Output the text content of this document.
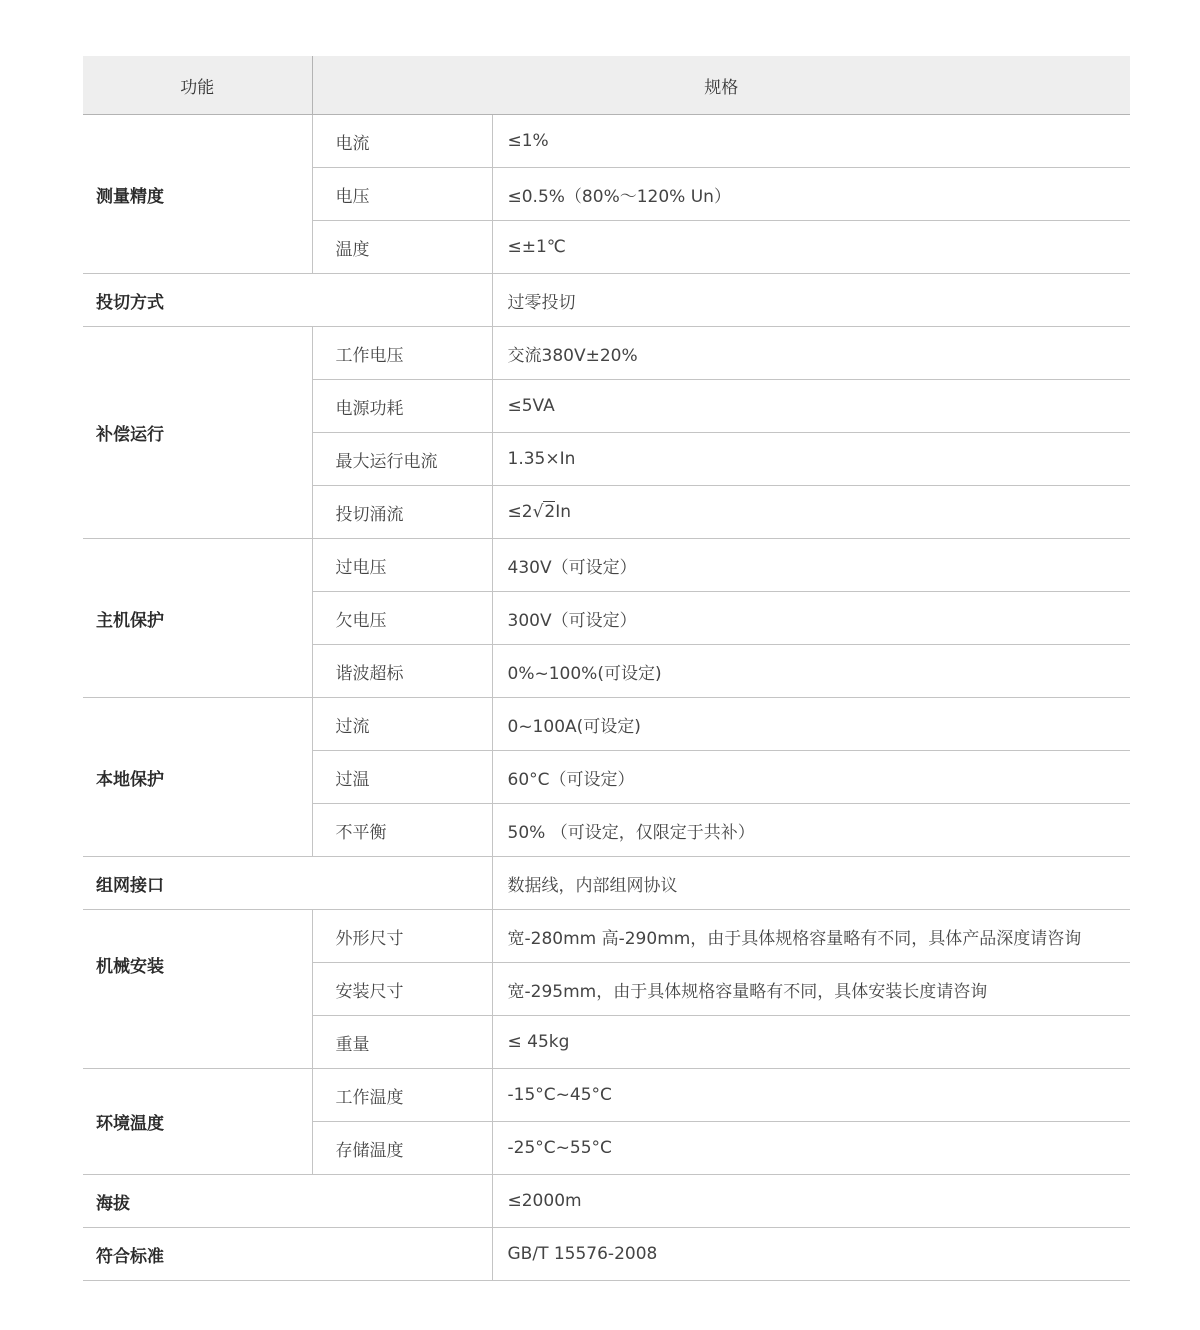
功能	规格	
测量精度	电流	≤1%
	电压	≤0.5%（80%～120% Un）
	温度	≤±1℃
投切方式		过零投切
补偿运行	工作电压	交流380V±20%
	电源功耗	≤5VA
	最大运行电流	1.35×In
	投切涌流	≤2√2In
主机保护	过电压	430V（可设定）
	欠电压	300V（可设定）
	谐波超标	0%~100%(可设定)
本地保护	过流	0~100A(可设定)
	过温	60°C（可设定）
	不平衡	50% （可设定，仅限定于共补）
组网接口		数据线，内部组网协议
机械安装	外形尺寸	宽-280mm 高-290mm，由于具体规格容量略有不同，具体产品深度请咨询
	安装尺寸	宽-295mm，由于具体规格容量略有不同，具体安装长度请咨询
	重量	≤ 45kg
环境温度	工作温度	-15°C~45°C
	存储温度	-25°C~55°C
海拔		≤2000m
符合标准		GB/T 15576-2008
